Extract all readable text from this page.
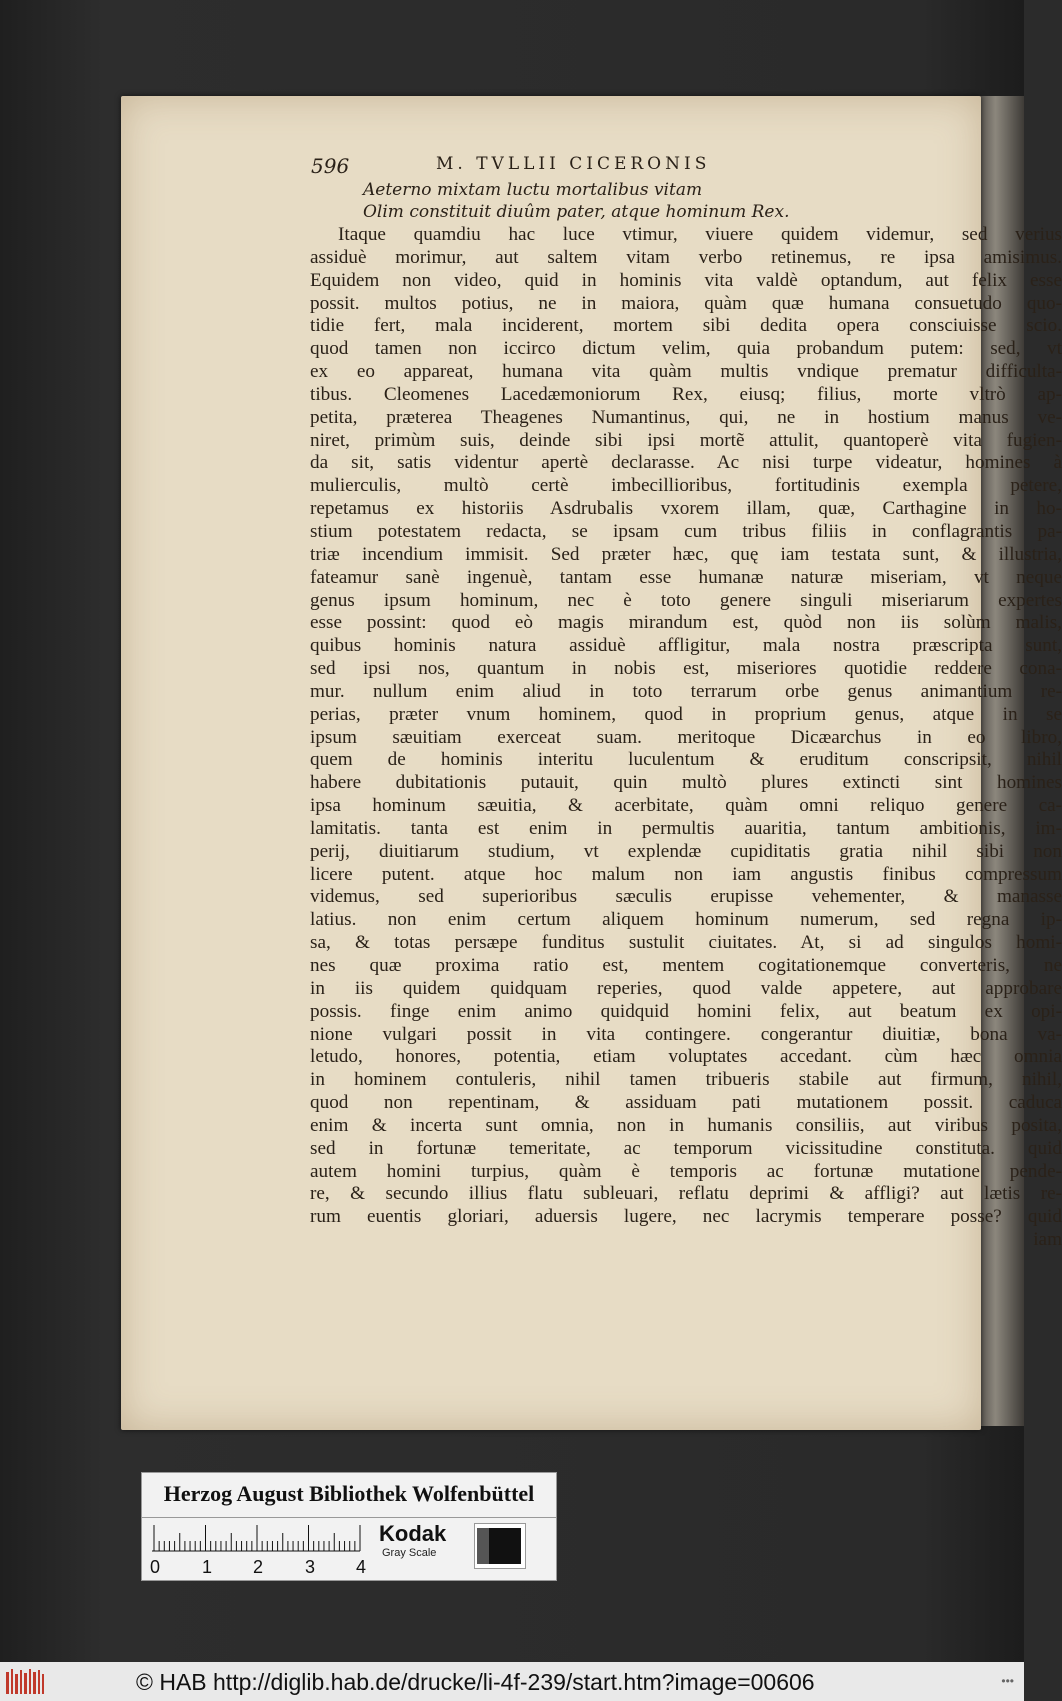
596	M. TVLLII CICERONIS
Aeterno mixtam luctu mortalibus vitam
Olim constituit diuûm pater, atque hominum Rex.
Itaque quamdiu hac luce vtimur, viuere quidem videmur, sed verius
assiduè morimur, aut saltem vitam verbo retinemus, re ipsa amisimus.
Equidem non video, quid in hominis vita valdè optandum, aut felix esse
possit. multos potius, ne in maiora, quàm quæ humana consuetudo quo-
tidie fert, mala inciderent, mortem sibi dedita opera consciuisse scio.
quod tamen non iccirco dictum velim, quia probandum putem: sed, vt
ex eo appareat, humana vita quàm multis vndique prematur difficulta-
tibus. Cleomenes Lacedæmoniorum Rex, eiusq; filius, morte vltrò ap-
petita, præterea Theagenes Numantinus, qui, ne in hostium manus ve-
niret, primùm suis, deinde sibi ipsi mortẽ attulit, quantoperè vita fugien-
da sit, satis videntur apertè declarasse. Ac nisi turpe videatur, homines à
mulierculis, multò certè imbecillioribus, fortitudinis exempla petere,
repetamus ex historiis Asdrubalis vxorem illam, quæ, Carthagine in ho-
stium potestatem redacta, se ipsam cum tribus filiis in conflagrantis pa-
triæ incendium immisit. Sed præter hæc, quę iam testata sunt, & illustria,
fateamur sanè ingenuè, tantam esse humanæ naturæ miseriam, vt neque
genus ipsum hominum, nec è toto genere singuli miseriarum expertes
esse possint: quod eò magis mirandum est, quòd non iis solùm malis,
quibus hominis natura assiduè affligitur, mala nostra præscripta sunt,
sed ipsi nos, quantum in nobis est, miseriores quotidie reddere cona-
mur. nullum enim aliud in toto terrarum orbe genus animantium re-
perias, præter vnum hominem, quod in proprium genus, atque in se
ipsum sæuitiam exerceat suam. meritoque Dicæarchus in eo libro,
quem de hominis interitu luculentum & eruditum conscripsit, nihil
habere dubitationis putauit, quin multò plures extincti sint homines
ipsa hominum sæuitia, & acerbitate, quàm omni reliquo genere ca-
lamitatis. tanta est enim in permultis auaritia, tantum ambitionis, im-
perij, diuitiarum studium, vt explendæ cupiditatis gratia nihil sibi non
licere putent. atque hoc malum non iam angustis finibus compressum
videmus, sed superioribus sæculis erupisse vehementer, & manasse
latius. non enim certum aliquem hominum numerum, sed regna ip-
sa, & totas persæpe funditus sustulit ciuitates. At, si ad singulos homi-
nes quæ proxima ratio est, mentem cogitationemque converteris, ne
in iis quidem quidquam reperies, quod valde appetere, aut approbare
possis. finge enim animo quidquid homini felix, aut beatum ex opi-
nione vulgari possit in vita contingere. congerantur diuitiæ, bona va-
letudo, honores, potentia, etiam voluptates accedant. cùm hæc omnia
in hominem contuleris, nihil tamen tribueris stabile aut firmum, nihil,
quod non repentinam, & assiduam pati mutationem possit. caduca
enim & incerta sunt omnia, non in humanis consiliis, aut viribus posita,
sed in fortunæ temeritate, ac temporum vicissitudine constituta. quid
autem homini turpius, quàm è temporis ac fortunæ mutatione pende-
re, & secundo illius flatu subleuari, reflatu deprimi & affligi? aut lætis re-
rum euentis gloriari, aduersis lugere, nec lacrymis temperare posse? quid
iam
Herzog August Bibliothek Wolfenbüttel
0 1 2 3 4
Kodak
Gray Scale
© HAB http://diglib.hab.de/drucke/li-4f-239/start.htm?image=00606	•••
